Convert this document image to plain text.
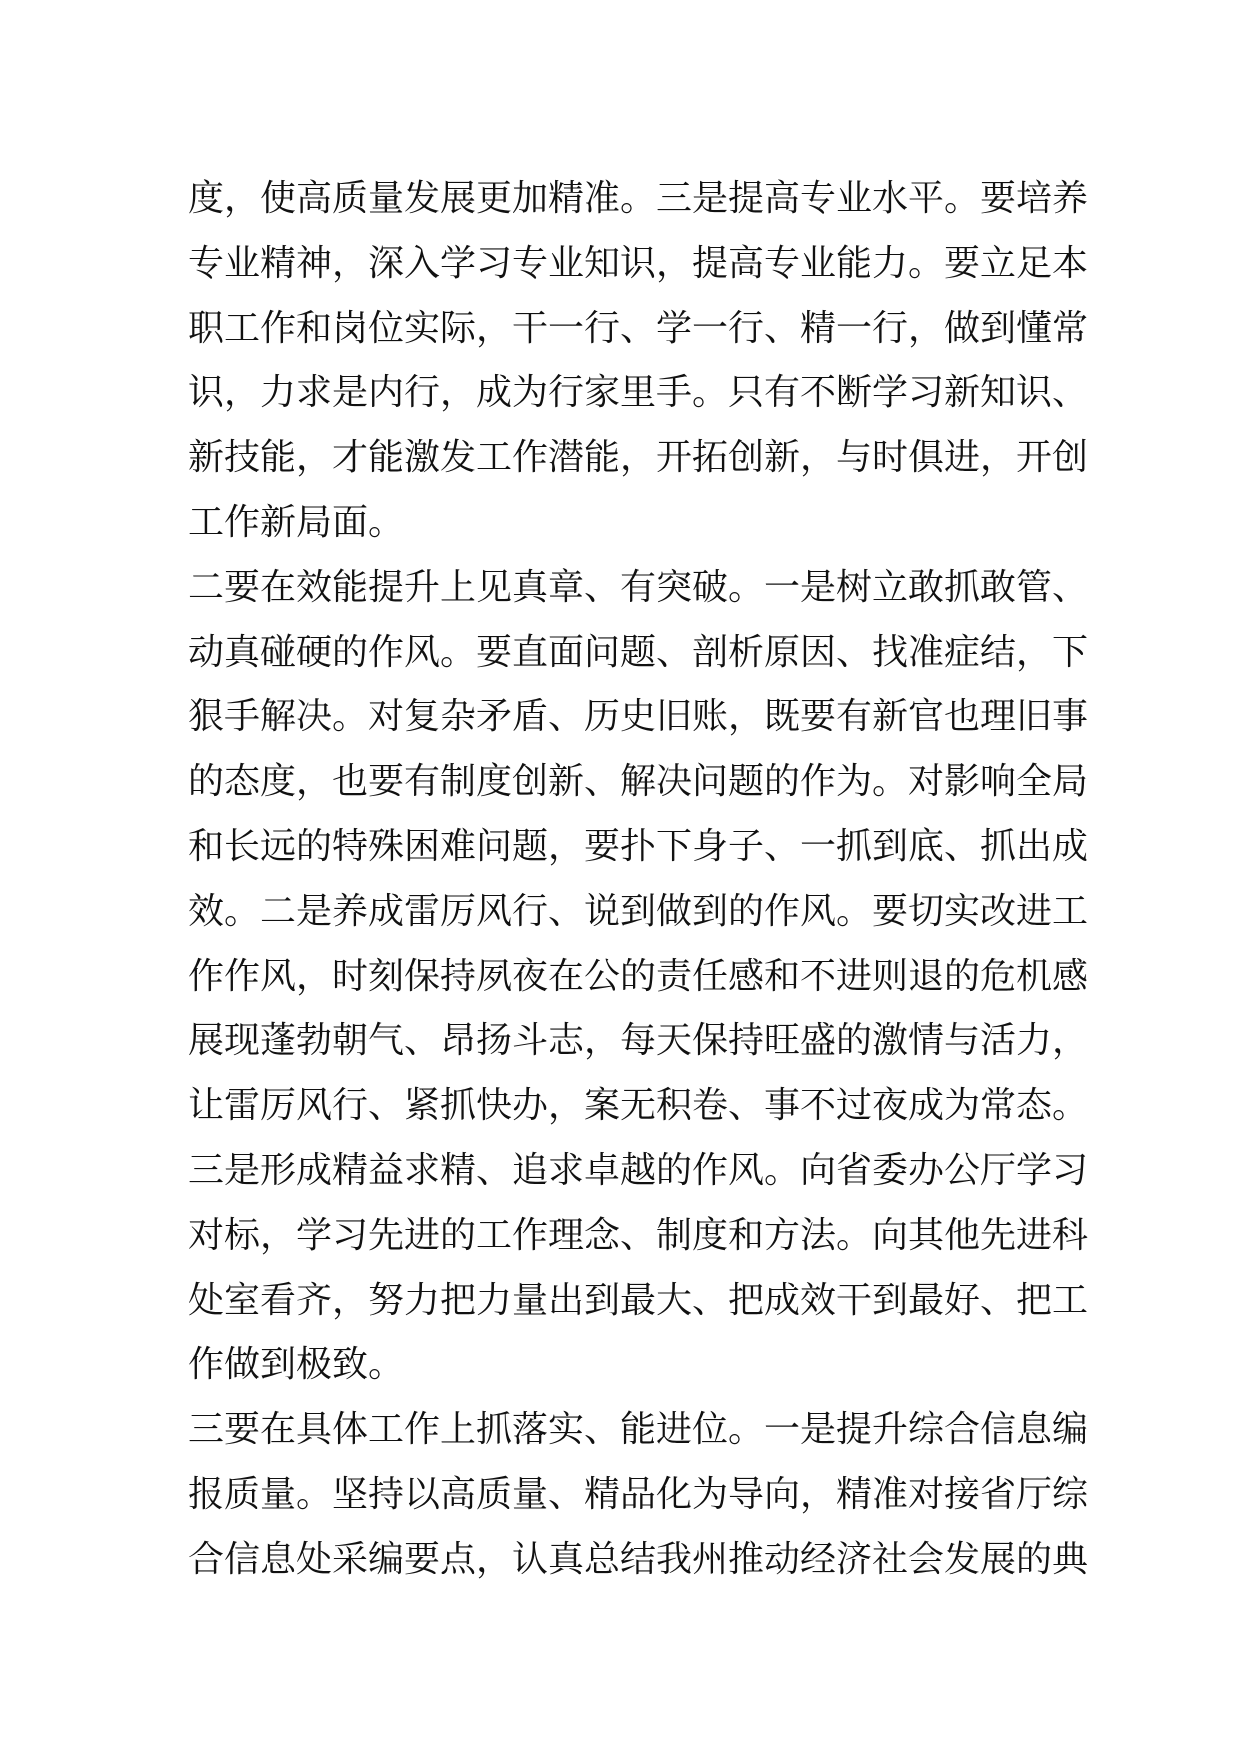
度，使高质量发展更加精准。三是提高专业水平。要培养
专业精神，深入学习专业知识，提高专业能力。要立足本
职工作和岗位实际，干一行、学一行、精一行，做到懂常
识，力求是内行，成为行家里手。只有不断学习新知识、
新技能，才能激发工作潜能，开拓创新，与时俱进，开创
工作新局面。
二要在效能提升上见真章、有突破。一是树立敢抓敢管、
动真碰硬的作风。要直面问题、剖析原因、找准症结，下
狠手解决。对复杂矛盾、历史旧账，既要有新官也理旧事
的态度，也要有制度创新、解决问题的作为。对影响全局
和长远的特殊困难问题，要扑下身子、一抓到底、抓出成
效。二是养成雷厉风行、说到做到的作风。要切实改进工
作作风，时刻保持夙夜在公的责任感和不进则退的危机感
展现蓬勃朝气、昂扬斗志，每天保持旺盛的激情与活力，
让雷厉风行、紧抓快办，案无积卷、事不过夜成为常态。
三是形成精益求精、追求卓越的作风。向省委办公厅学习
对标，学习先进的工作理念、制度和方法。向其他先进科
处室看齐，努力把力量出到最大、把成效干到最好、把工
作做到极致。
三要在具体工作上抓落实、能进位。一是提升综合信息编
报质量。坚持以高质量、精品化为导向，精准对接省厅综
合信息处采编要点，认真总结我州推动经济社会发展的典
